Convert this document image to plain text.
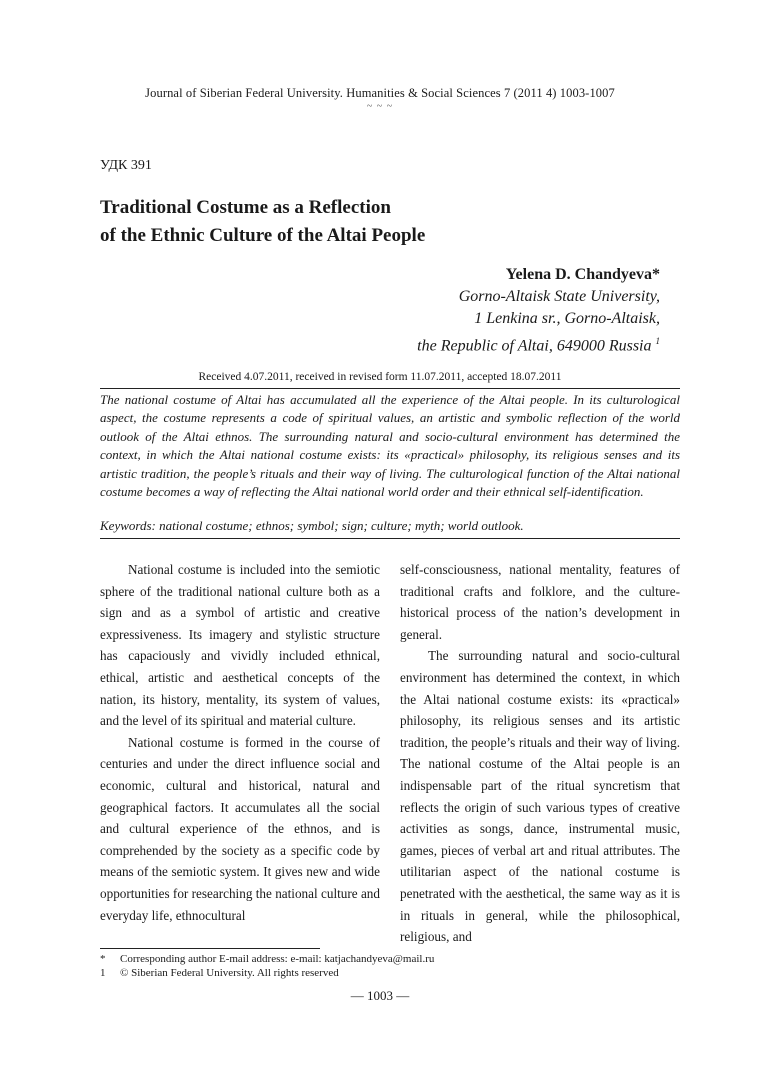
Journal of Siberian Federal University. Humanities & Social Sciences 7 (2011 4) 1003-1007
~ ~ ~
УДК 391
Traditional Costume as a Reflection
of the Ethnic Culture of the Altai People
Yelena D. Chandyeva*
Gorno-Altaisk State University,
1 Lenkina sr., Gorno-Altaisk,
the Republic of Altai, 649000 Russia $^1$
Received 4.07.2011, received in revised form 11.07.2011, accepted 18.07.2011
The national costume of Altai has accumulated all the experience of the Altai people. In its culturological aspect, the costume represents a code of spiritual values, an artistic and symbolic reflection of the world outlook of the Altai ethnos. The surrounding natural and socio-cultural environment has determined the context, in which the Altai national costume exists: its «practical» philosophy, its religious senses and its artistic tradition, the people’s rituals and their way of living. The culturological function of the Altai national costume becomes a way of reflecting the Altai national world order and their ethnical self-identification.
Keywords: national costume; ethnos; symbol; sign; culture; myth; world outlook.

National costume is included into the semiotic sphere of the traditional national culture both as a sign and as a symbol of artistic and creative expressiveness. Its imagery and stylistic structure has capaciously and vividly included ethnical, ethical, artistic and aesthetical concepts of the nation, its history, mentality, its system of values, and the level of its spiritual and material culture.

National costume is formed in the course of centuries and under the direct influence social and economic, cultural and historical, natural and geographical factors. It accumulates all the social and cultural experience of the ethnos, and is comprehended by the society as a specific code by means of the semiotic system. It gives new and wide opportunities for researching the national culture and everyday life, ethnocultural

self-consciousness, national mentality, features of traditional crafts and folklore, and the culture-historical process of the nation’s development in general.

The surrounding natural and socio-cultural environment has determined the context, in which the Altai national costume exists: its «practical» philosophy, its religious senses and its artistic tradition, the people’s rituals and their way of living. The national costume of the Altai people is an indispensable part of the ritual syncretism that reflects the origin of such various types of creative activities as songs, dance, instrumental music, games, pieces of verbal art and ritual attributes. The utilitarian aspect of the national costume is penetrated with the aesthetical, the same way as it is in rituals in general, while the philosophical, religious, and

* Corresponding author E-mail address: e-mail: katjachandyeva@mail.ru
1 © Siberian Federal University. All rights reserved
— 1003 —
